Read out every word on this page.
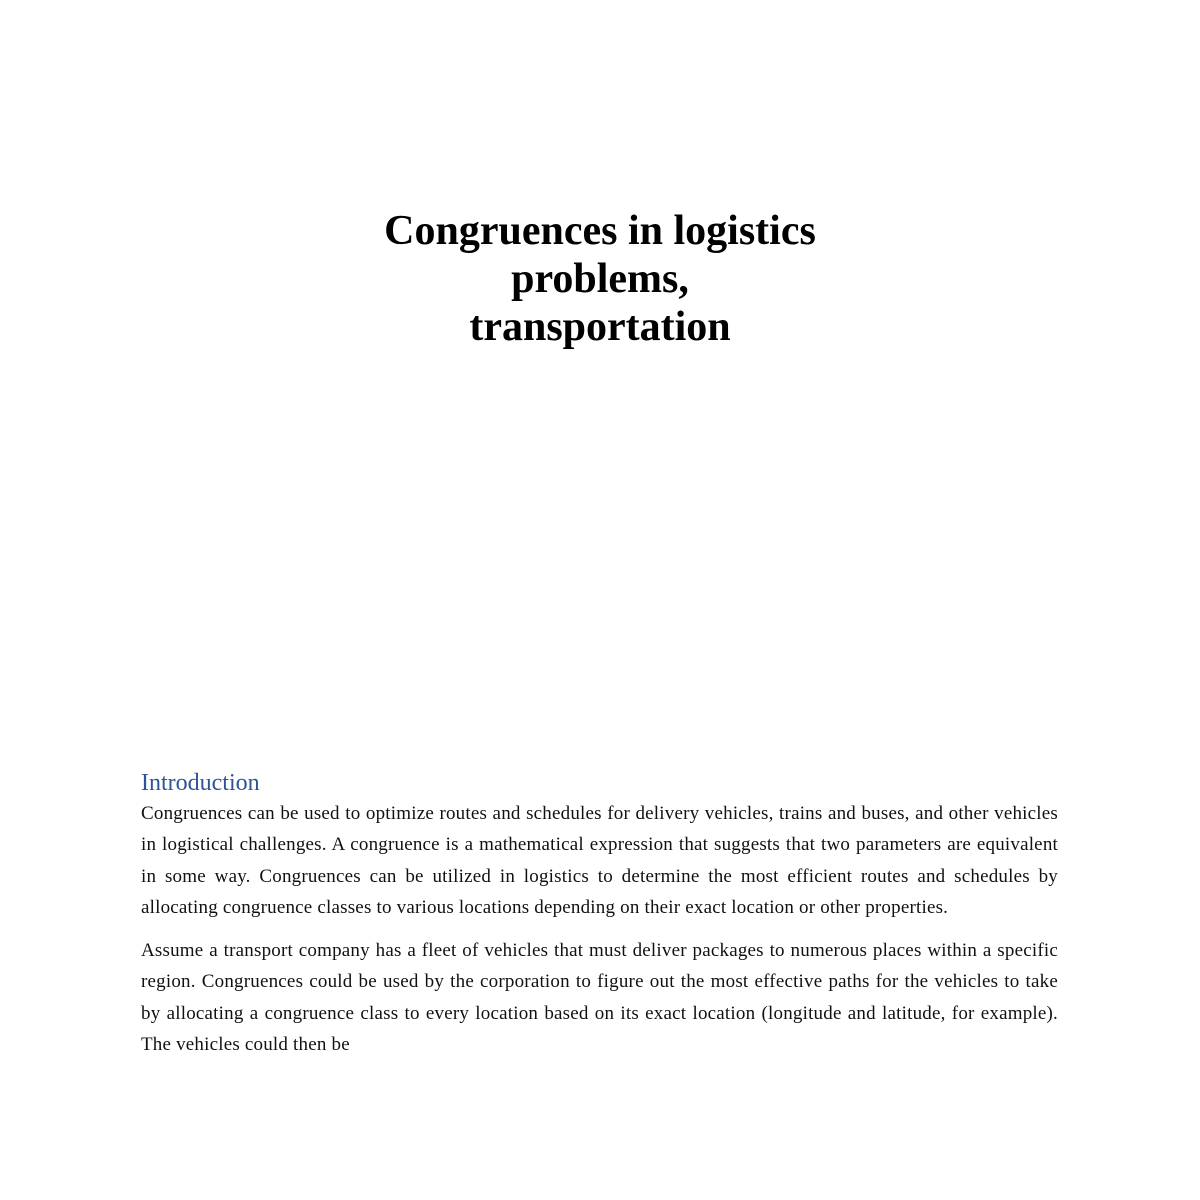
Congruences in logistics
problems,
transportation
Introduction

Congruences can be used to optimize routes and schedules for delivery vehicles, trains and buses, and other vehicles in logistical challenges. A congruence is a mathematical expression that suggests that two parameters are equivalent in some way. Congruences can be utilized in logistics to determine the most efficient routes and schedules by allocating congruence classes to various locations depending on their exact location or other properties.

Assume a transport company has a fleet of vehicles that must deliver packages to numerous places within a specific region. Congruences could be used by the corporation to figure out the most effective paths for the vehicles to take by allocating a congruence class to every location based on its exact location (longitude and latitude, for example). The vehicles could then be
